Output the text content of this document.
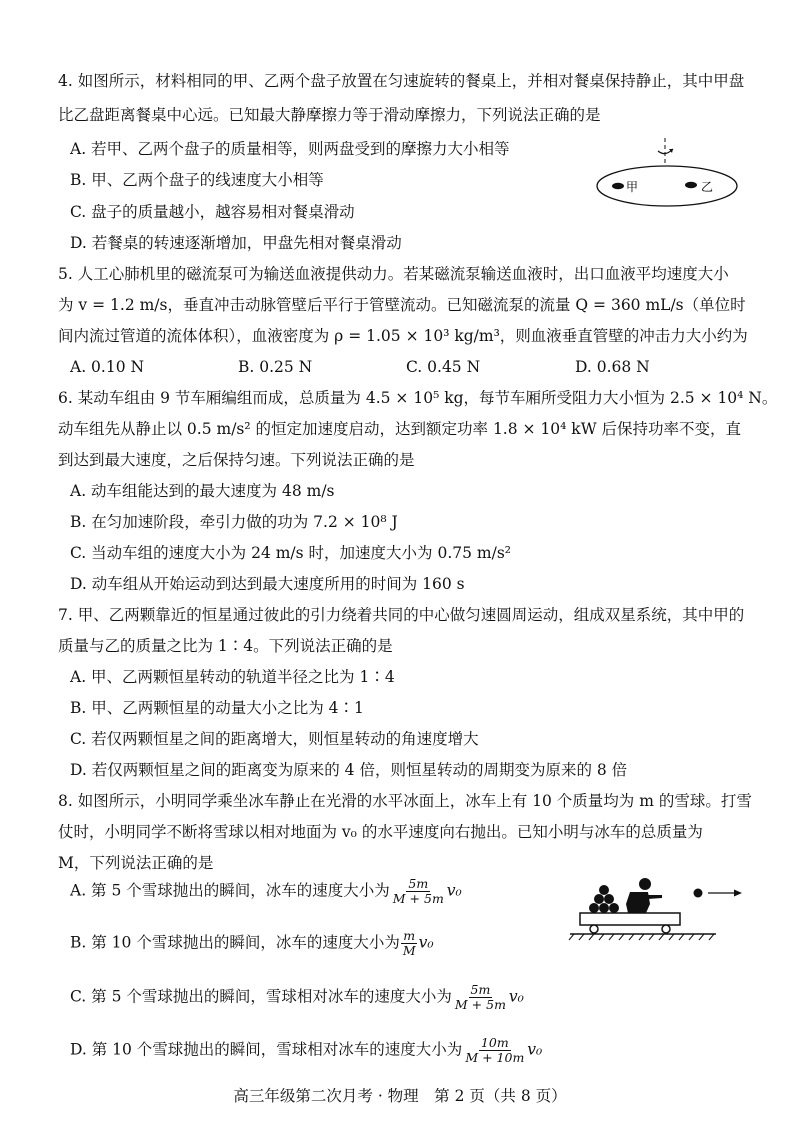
4. 如图所示，材料相同的甲、乙两个盘子放置在匀速旋转的餐桌上，并相对餐桌保持静止，其中甲盘
比乙盘距离餐桌中心远。已知最大静摩擦力等于滑动摩擦力，下列说法正确的是
A. 若甲、乙两个盘子的质量相等，则两盘受到的摩擦力大小相等
B. 甲、乙两个盘子的线速度大小相等
C. 盘子的质量越小，越容易相对餐桌滑动
D. 若餐桌的转速逐渐增加，甲盘先相对餐桌滑动
甲	乙
5. 人工心肺机里的磁流泵可为输送血液提供动力。若某磁流泵输送血液时，出口血液平均速度大小
为 v = 1.2 m/s，垂直冲击动脉管壁后平行于管壁流动。已知磁流泵的流量 Q = 360 mL/s（单位时
间内流过管道的流体体积），血液密度为 ρ = 1.05 × 10³ kg/m³，则血液垂直管壁的冲击力大小约为
A. 0.10 N	B. 0.25 N	C. 0.45 N	D. 0.68 N
6. 某动车组由 9 节车厢编组而成，总质量为 4.5 × 10⁵ kg，每节车厢所受阻力大小恒为 2.5 × 10⁴ N。
动车组先从静止以 0.5 m/s² 的恒定加速度启动，达到额定功率 1.8 × 10⁴ kW 后保持功率不变，直
到达到最大速度，之后保持匀速。下列说法正确的是
A. 动车组能达到的最大速度为 48 m/s
B. 在匀加速阶段，牵引力做的功为 7.2 × 10⁸ J
C. 当动车组的速度大小为 24 m/s 时，加速度大小为 0.75 m/s²
D. 动车组从开始运动到达到最大速度所用的时间为 160 s
7. 甲、乙两颗靠近的恒星通过彼此的引力绕着共同的中心做匀速圆周运动，组成双星系统，其中甲的
质量与乙的质量之比为 1∶4。下列说法正确的是
A. 甲、乙两颗恒星转动的轨道半径之比为 1∶4
B. 甲、乙两颗恒星的动量大小之比为 4∶1
C. 若仅两颗恒星之间的距离增大，则恒星转动的角速度增大
D. 若仅两颗恒星之间的距离变为原来的 4 倍，则恒星转动的周期变为原来的 8 倍
8. 如图所示，小明同学乘坐冰车静止在光滑的水平冰面上，冰车上有 10 个质量均为 m 的雪球。打雪
仗时，小明同学不断将雪球以相对地面为 v₀ 的水平速度向右抛出。已知小明与冰车的总质量为
M，下列说法正确的是
A. 第 5 个雪球抛出的瞬间，冰车的速度大小为 $\frac{5m}{M + 5m} v_0$
B. 第 10 个雪球抛出的瞬间，冰车的速度大小为 $\frac{m}{M} v_0$
C. 第 5 个雪球抛出的瞬间，雪球相对冰车的速度大小为 $\frac{5m}{M + 5m} v_0$
D. 第 10 个雪球抛出的瞬间，雪球相对冰车的速度大小为 $\frac{10m}{M + 10m} v_0$
高三年级第二次月考 · 物理　第 2 页（共 8 页）
